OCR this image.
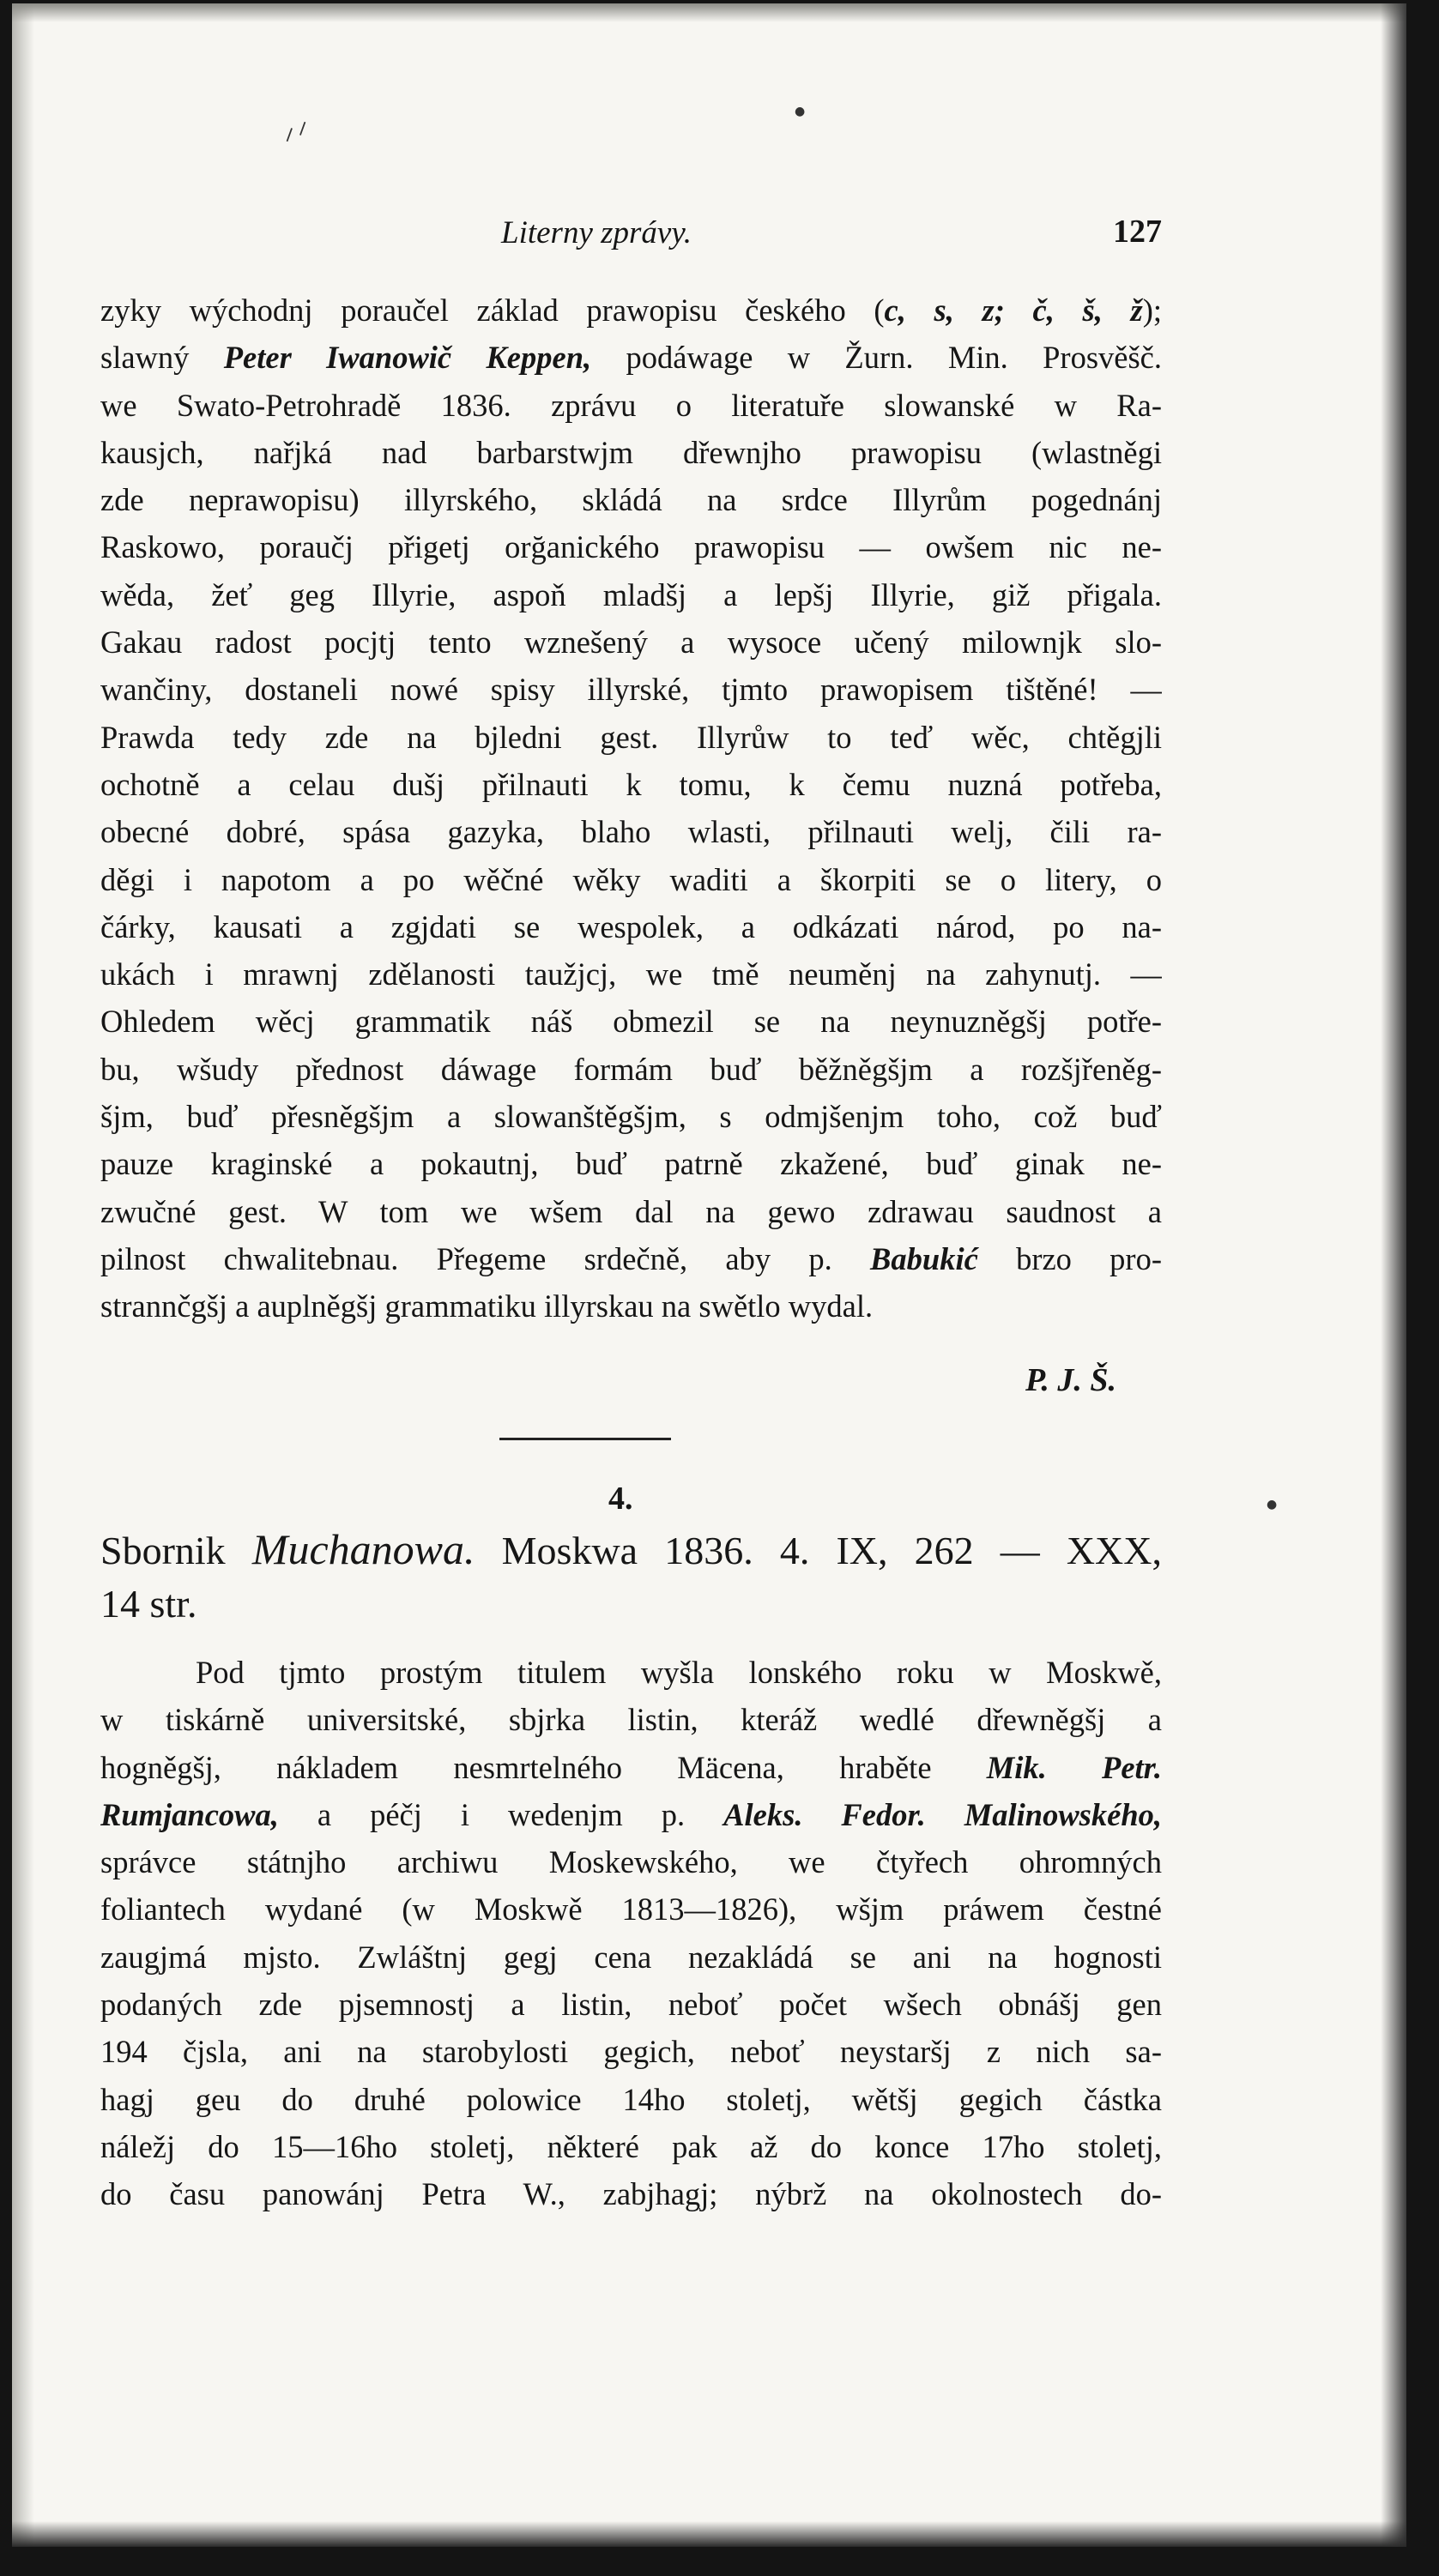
⸝⸝	●
●
Literny zprávy.	127
zyky wýchodnj poraučel základ prawopisu českého (c, s, z; č, š, ž);
slawný Peter Iwanowič Keppen, podáwage w Žurn. Min. Prosvěšč.
we Swato-Petrohradě 1836. zprávu o literatuře slowanské w Ra-
kausjch, nařjká nad barbarstwjm dřewnjho prawopisu (wlastněgi
zde neprawopisu) illyrského, skládá na srdce Illyrům pogednánj
Raskowo, poraučj přigetj orğanického prawopisu — owšem nic ne-
wěda, žeť geg Illyrie, aspoň mladšj a lepšj Illyrie, giž přigala.
Gakau radost pocjtj tento wznešený a wysoce učený milownjk slo-
wančiny, dostaneli nowé spisy illyrské, tjmto prawopisem tištěné! —
Prawda tedy zde na bjledni gest. Illyrůw to teď wěc, chtěgjli
ochotně a celau dušj přilnauti k tomu, k čemu nuzná potřeba,
obecné dobré, spása gazyka, blaho wlasti, přilnauti welj, čili ra-
děgi i napotom a po wěčné wěky waditi a škorpiti se o litery, o
čárky, kausati a zgjdati se wespolek, a odkázati národ, po na-
ukách i mrawnj zdělanosti taužjcj, we tmě neuměnj na zahynutj. —
Ohledem wěcj grammatik náš obmezil se na neynuzněgšj potře-
bu, wšudy přednost dáwage formám buď běžněgšjm a rozšjřeněg-
šjm, buď přesněgšjm a slowanštěgšjm, s odmjšenjm toho, což buď
pauze kraginské a pokautnj, buď patrně zkažené, buď ginak ne-
zwučné gest. W tom we wšem dal na gewo zdrawau saudnost a
pilnost chwalitebnau. Přegeme srdečně, aby p. Babukić brzo pro-
strannčgšj a auplněgšj grammatiku illyrskau na swětlo wydal.
P. J. Š.
4.
Sbornik Muchanowa. Moskwa 1836. 4. IX, 262 — XXX,
14 str.
Pod tjmto prostým titulem wyšla lonského roku w Moskwě,
w tiskárně universitské, sbjrka listin, kteráž wedlé dřewněgšj a
hogněgšj, nákladem nesmrtelného Mäcena, hraběte Mik. Petr.
Rumjancowa, a péčj i wedenjm p. Aleks. Fedor. Malinowského,
správce státnjho archiwu Moskewského, we čtyřech ohromných
foliantech wydané (w Moskwě 1813—1826), wšjm práwem čestné
zaugjmá mjsto. Zwláštnj gegj cena nezakládá se ani na hognosti
podaných zde pjsemnostj a listin, neboť počet wšech obnášj gen
194 čjsla, ani na starobylosti gegich, neboť neystaršj z nich sa-
hagj geu do druhé polowice 14ho stoletj, wětšj gegich částka
náležj do 15—16ho stoletj, některé pak až do konce 17ho stoletj,
do času panowánj Petra W., zabjhagj; nýbrž na okolnostech do-
